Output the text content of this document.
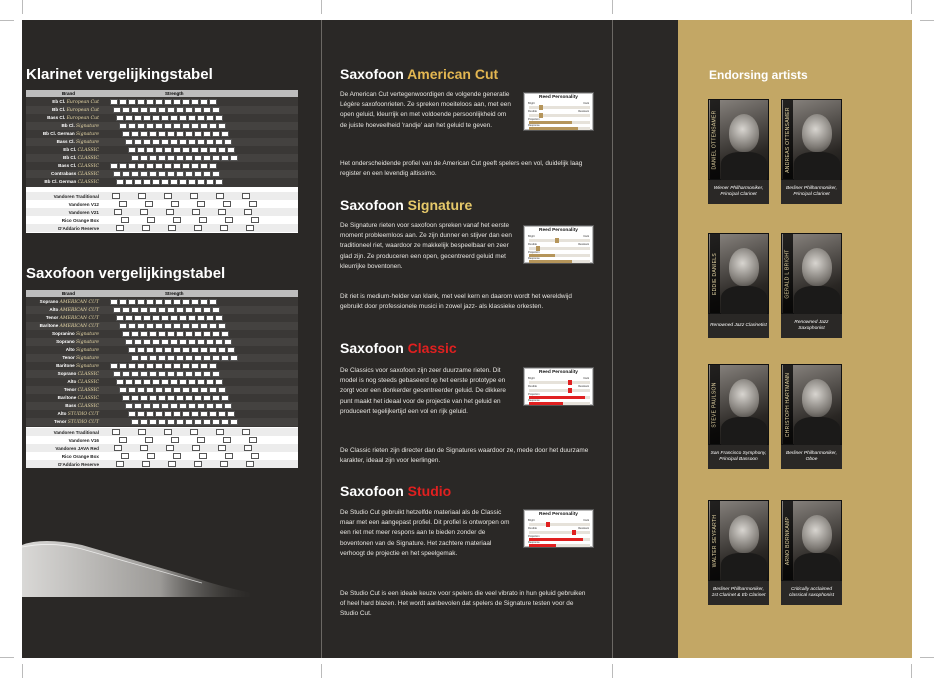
Klarinet vergelijkingstabel
Brand	Strength
Eb Cl. European Cut
Bb Cl. European Cut
Bass Cl. European Cut
Bb Cl. Signature
Bb Cl. German Signature
Bass Cl. Signature
Eb Cl. CLASSIC
Bb Cl. CLASSIC
Bass Cl. CLASSIC
Contrabass CLASSIC
Bb Cl. German CLASSIC
Vandoren Traditional
Vandoren V12
Vandoren V21
Rico Orange Box
D'Addario Reserve
Saxofoon vergelijkingstabel
Brand	Strength
Soprano AMERICAN CUT
Alto AMERICAN CUT
Tenor AMERICAN CUT
Baritone AMERICAN CUT
Sopranino Signature
Soprano Signature
Alto Signature
Tenor Signature
Baritone Signature
Soprano CLASSIC
Alto CLASSIC
Tenor CLASSIC
Baritone CLASSIC
Bass CLASSIC
Alto STUDIO CUT
Tenor STUDIO CUT
Vandoren Traditional
Vandoren V16
Vandoren JAVA Red
Rico Orange Box
D'Addario Reserve
Saxofoon American Cut
De American Cut vertegenwoordigen de volgende generatie Légère saxofoonrieten. Ze spreken moeiteloos aan, met een open geluid, kleurrijk en met voldoende persoonlijkheid om de juiste hoeveelheid 'randje' aan het geluid te geven.
Het onderscheidende profiel van de American Cut geeft spelers een vol, duidelijk laag register en een levendig altissimo.
Reed Personality
Bright	Dark
Flexible	Resistant
Projection
Response
Saxofoon Signature
De Signature rieten voor saxofoon spreken vanaf het eerste moment probleemloos aan. Ze zijn dunner en stijver dan een traditioneel riet, waardoor ze makkelijk bespeelbaar en zeer glad zijn. Ze produceren een open, gecentreerd geluid met kleurrijke boventonen.
Dit riet is medium-helder van klank, met veel kern en daarom wordt het wereldwijd gebruikt door professionele musici in zowel jazz- als klassieke orkesten.
Reed Personality
Bright	Dark
Flexible	Resistant
Projection
Response
Saxofoon Classic
De Classics voor saxofoon zijn zeer duurzame rieten. Dit model is nog steeds gebaseerd op het eerste prototype en zorgt voor een donkerder gecentreerder geluid. De dikkere punt maakt het ideaal voor de projectie van het geluid en produceert tegelijkertijd een vol en rijk geluid.
De Classic rieten zijn directer dan de Signatures waardoor ze, mede door het duurzame karakter, ideaal zijn voor leerlingen.
Reed Personality
Bright	Dark
Flexible	Resistant
Projection
Response
Saxofoon Studio
De Studio Cut gebruikt hetzelfde materiaal als de Classic maar met een aangepast profiel. Dit profiel is ontworpen om een riet met meer respons aan te bieden zonder de boventonen van de Signature. Het zachtere materiaal verhoogt de projectie en het speelgemak.
De Studio Cut is een ideale keuze voor spelers die veel vibrato in hun geluid gebruiken of heel hard blazen. Het wordt aanbevolen dat spelers de Signature testen voor de Studio Cut.
Reed Personality
Bright	Dark
Flexible	Resistant
Projection
Response
Endorsing artists
DANIEL OTTENSAMER
Wiener Philharmoniker, Principal Clarinet
ANDREAS OTTENSAMER
Berliner Philharmoniker, Principal Clarinet
EDDIE DANIELS
Renowned Jazz Clarinetist
GERALD L BRIGHT
Renowned Jazz Saxophonist
STEVE PAULSON
San Francisco Symphony, Principal Bassoon
CHRISTOPH HARTMANN
Berliner Philharmoniker, Oboe
WALTER SEYFARTH
Berliner Philharmoniker, 1st Clarinet & Eb Clarinet
ARNO BORNKAMP
Critically acclaimed classical saxophonist
